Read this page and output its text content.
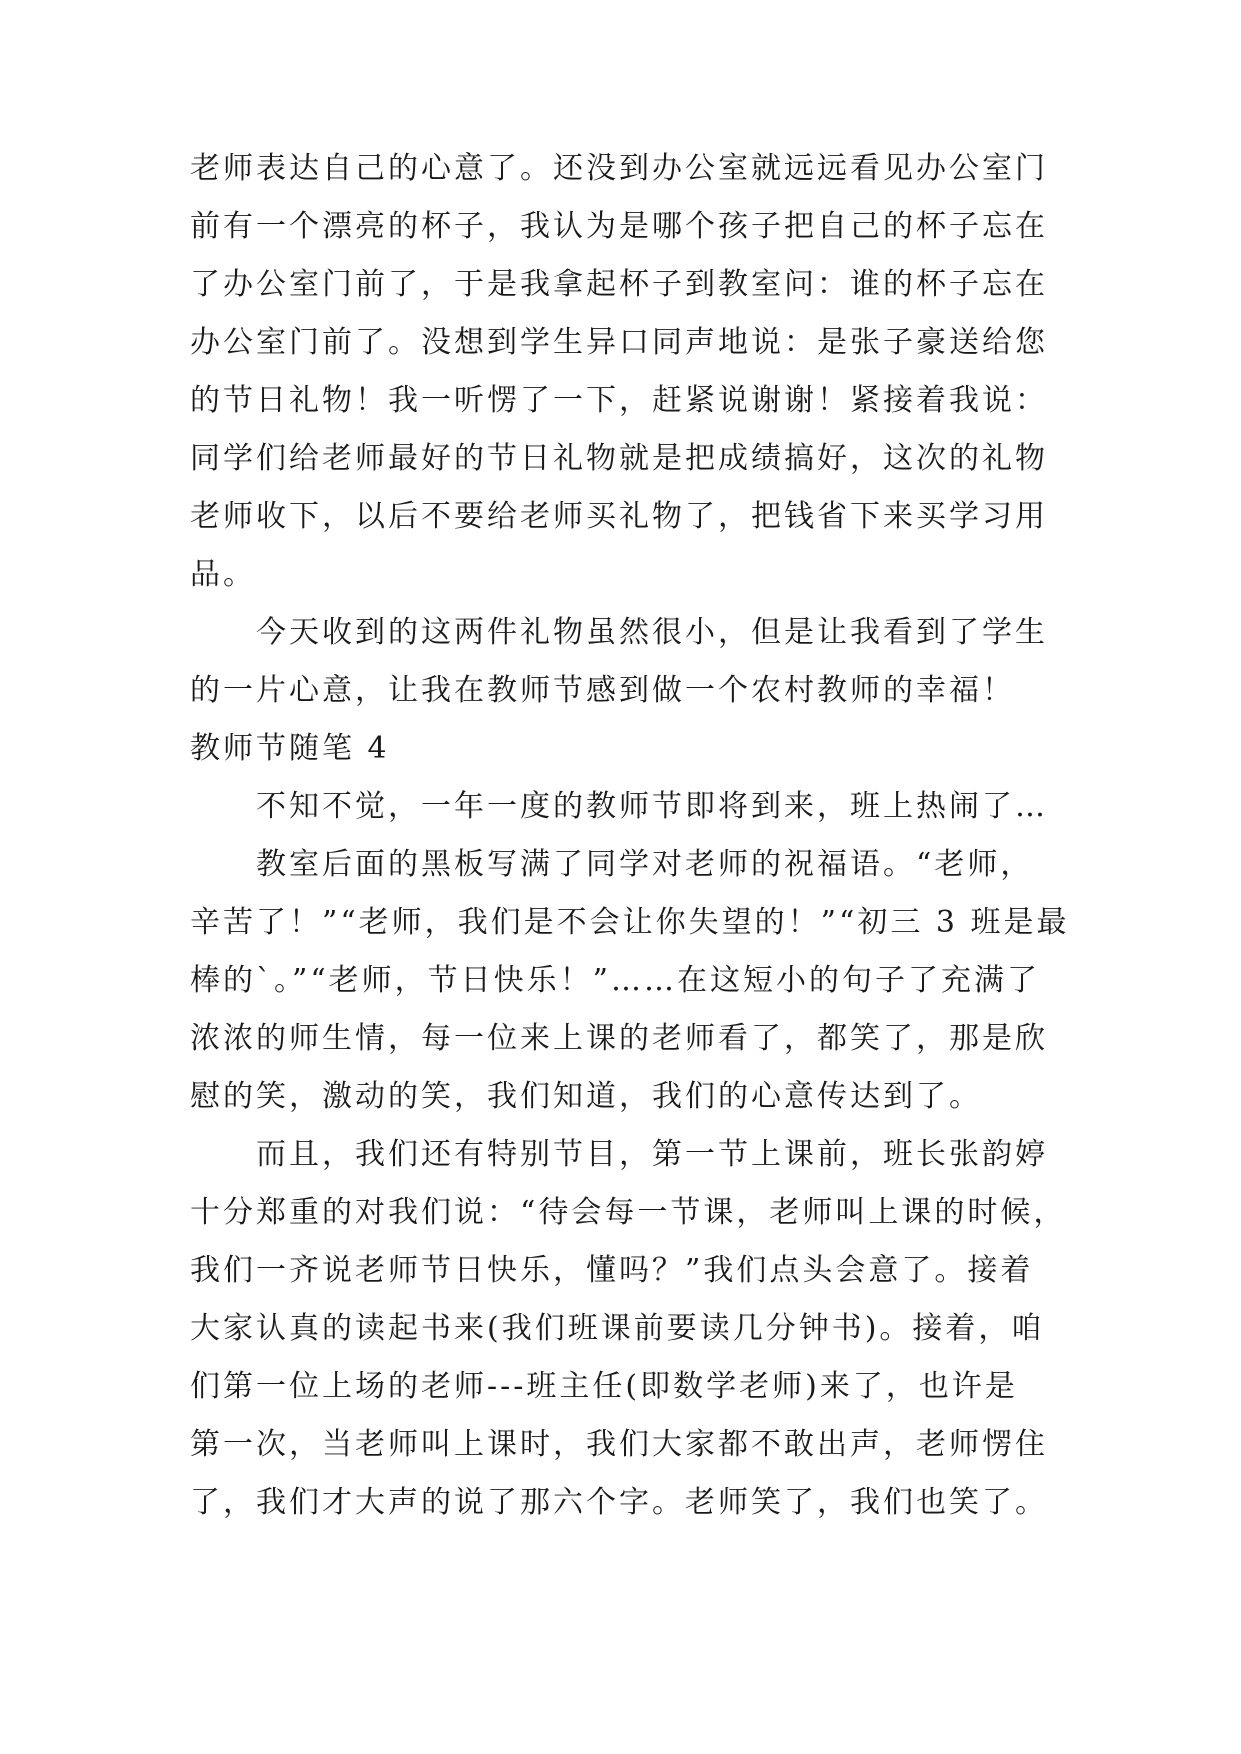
老师表达自己的心意了。还没到办公室就远远看见办公室门
前有一个漂亮的杯子，我认为是哪个孩子把自己的杯子忘在
了办公室门前了，于是我拿起杯子到教室问：谁的杯子忘在
办公室门前了。没想到学生异口同声地说：是张子豪送给您
的节日礼物！我一听愣了一下，赶紧说谢谢！紧接着我说：
同学们给老师最好的节日礼物就是把成绩搞好，这次的礼物
老师收下，以后不要给老师买礼物了，把钱省下来买学习用
品。
今天收到的这两件礼物虽然很小，但是让我看到了学生
的一片心意，让我在教师节感到做一个农村教师的幸福！
教师节随笔 4
不知不觉，一年一度的教师节即将到来，班上热闹了…
教室后面的黑板写满了同学对老师的祝福语。“老师，
辛苦了！”“老师，我们是不会让你失望的！”“初三 3 班是最
棒的`。”“老师，节日快乐！”……在这短小的句子了充满了
浓浓的师生情，每一位来上课的老师看了，都笑了，那是欣
慰的笑，激动的笑，我们知道，我们的心意传达到了。
而且，我们还有特别节目，第一节上课前，班长张韵婷
十分郑重的对我们说：“待会每一节课，老师叫上课的时候，
我们一齐说老师节日快乐，懂吗？”我们点头会意了。接着
大家认真的读起书来(我们班课前要读几分钟书)。接着，咱
们第一位上场的老师---班主任(即数学老师)来了，也许是
第一次，当老师叫上课时，我们大家都不敢出声，老师愣住
了，我们才大声的说了那六个字。老师笑了，我们也笑了。
